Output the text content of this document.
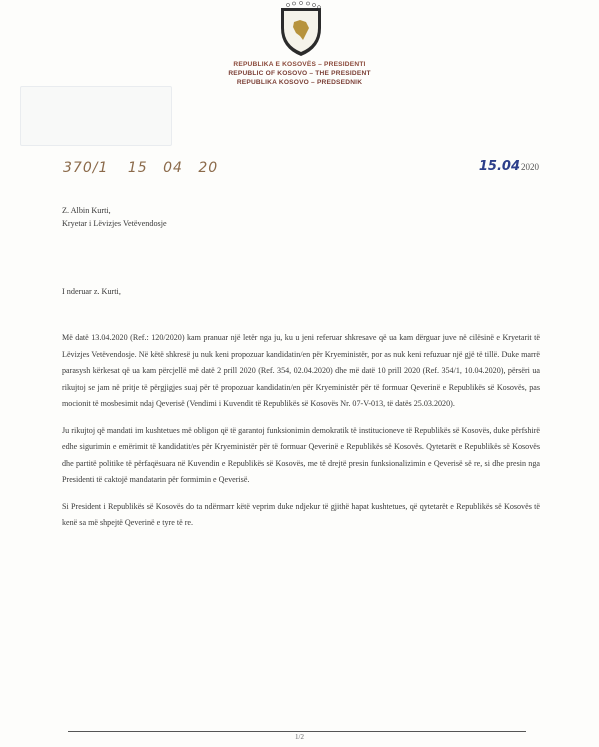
REPUBLIKA E KOSOVËS – PRESIDENTI
REPUBLIC OF KOSOVO – THE PRESIDENT
REPUBLIKA KOSOVO – PREDSEDNIK
370/1 15 04 20	15.042020
Z. Albin Kurti,
Kryetar i Lëvizjes Vetëvendosje
I nderuar z. Kurti,

Më datë 13.04.2020 (Ref.: 120/2020) kam pranuar një letër nga ju, ku u jeni referuar shkresave që ua kam dërguar juve në cilësinë e Kryetarit të Lëvizjes Vetëvendosje. Në këtë shkresë ju nuk keni propozuar kandidatin/en për Kryeministër, por as nuk keni refuzuar një gjë të tillë. Duke marrë parasysh kërkesat që ua kam përcjellë më datë 2 prill 2020 (Ref. 354, 02.04.2020) dhe më datë 10 prill 2020 (Ref. 354/1, 10.04.2020), përsëri ua rikujtoj se jam në pritje të përgjigjes suaj për të propozuar kandidatin/en për Kryeministër për të formuar Qeverinë e Republikës së Kosovës, pas mocionit të mosbesimit ndaj Qeverisë (Vendimi i Kuvendit të Republikës së Kosovës Nr. 07-V-013, të datës 25.03.2020).

Ju rikujtoj që mandati im kushtetues më obligon që të garantoj funksionimin demokratik të institucioneve të Republikës së Kosovës, duke përfshirë edhe sigurimin e emërimit të kandidatit/es për Kryeministër për të formuar Qeverinë e Republikës së Kosovës. Qytetarët e Republikës së Kosovës dhe partitë politike të përfaqësuara në Kuvendin e Republikës së Kosovës, me të drejtë presin funksionalizimin e Qeverisë së re, si dhe presin nga Presidenti të caktojë mandatarin për formimin e Qeverisë.

Si President i Republikës së Kosovës do ta ndërmarr këtë veprim duke ndjekur të gjithë hapat kushtetues, që qytetarët e Republikës së Kosovës të kenë sa më shpejtë Qeverinë e tyre të re.

1/2
